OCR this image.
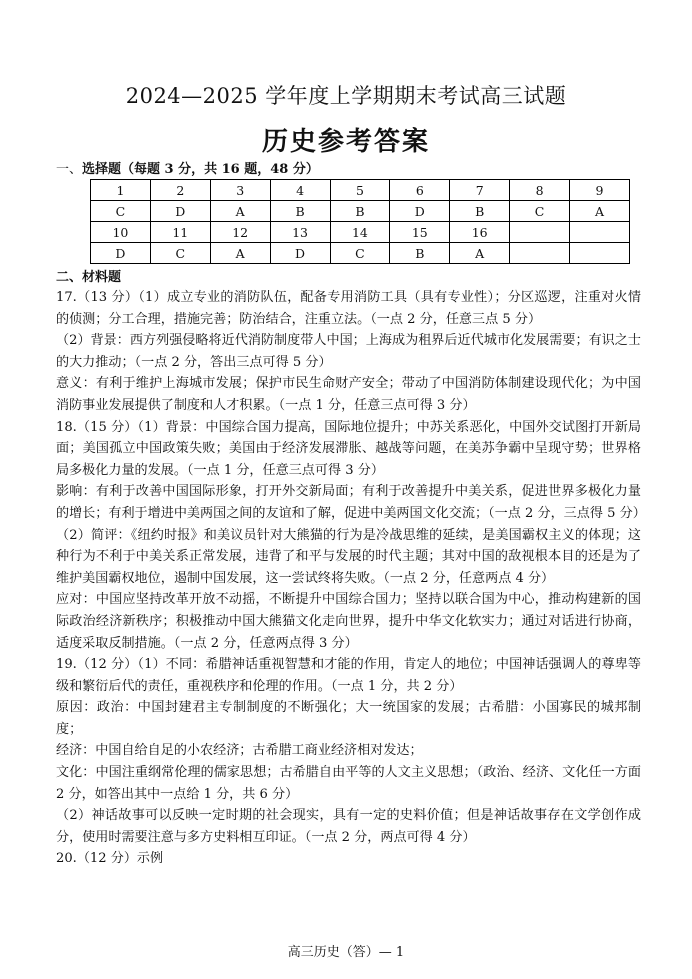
2024—2025 学年度上学期期末考试高三试题
历史参考答案
一、选择题（每题 3 分，共 16 题，48 分）
1	2	3	4	5	6	7	8	9
C	D	A	B	B	D	B	C	A
10	11	12	13	14	15	16		
D	C	A	D	C	B	A		
二、材料题

17.（13 分）（1）成立专业的消防队伍，配备专用消防工具（具有专业性）；分区巡逻，注重对火情的侦测；分工合理，措施完善；防治结合，注重立法。（一点 2 分，任意三点 5 分）

（2）背景：西方列强侵略将近代消防制度带人中国；上海成为租界后近代城市化发展需要；有识之士的大力推动；（一点 2 分，答出三点可得 5 分）

意义：有利于维护上海城市发展；保护市民生命财产安全；带动了中国消防体制建设现代化；为中国消防事业发展提供了制度和人才积累。（一点 1 分，任意三点可得 3 分）

18.（15 分）（1）背景：中国综合国力提高，国际地位提升；中苏关系恶化，中国外交试图打开新局面；美国孤立中国政策失败；美国由于经济发展滞胀、越战等问题，在美苏争霸中呈现守势；世界格局多极化力量的发展。（一点 1 分，任意三点可得 3 分）

影响：有利于改善中国国际形象，打开外交新局面；有利于改善提升中美关系，促进世界多极化力量的增长；有利于增进中美两国之间的友谊和了解，促进中美两国文化交流；（一点 2 分，三点得 5 分）

（2）简评：《纽约时报》和美议员针对大熊猫的行为是冷战思维的延续，是美国霸权主义的体现；这种行为不利于中美关系正常发展，违背了和平与发展的时代主题；其对中国的敌视根本目的还是为了维护美国霸权地位，遏制中国发展，这一尝试终将失败。（一点 2 分，任意两点 4 分）

应对：中国应坚持改革开放不动摇，不断提升中国综合国力；坚持以联合国为中心，推动构建新的国际政治经济新秩序；积极推动中国大熊猫文化走向世界，提升中华文化软实力；通过对话进行协商，适度采取反制措施。（一点 2 分，任意两点得 3 分）

19.（12 分）（1）不同：希腊神话重视智慧和才能的作用，肯定人的地位；中国神话强调人的尊卑等级和繁衍后代的责任，重视秩序和伦理的作用。（一点 1 分，共 2 分）

原因：政治：中国封建君主专制制度的不断强化；大一统国家的发展；古希腊：小国寡民的城邦制度；

经济：中国自给自足的小农经济；古希腊工商业经济相对发达；

文化：中国注重纲常伦理的儒家思想；古希腊自由平等的人文主义思想；（政治、经济、文化任一方面 2 分，如答出其中一点给 1 分，共 6 分）

（2）神话故事可以反映一定时期的社会现实，具有一定的史料价值；但是神话故事存在文学创作成分，使用时需要注意与多方史料相互印证。（一点 2 分，两点可得 4 分）

20.（12 分）示例

高三历史（答）— 1
